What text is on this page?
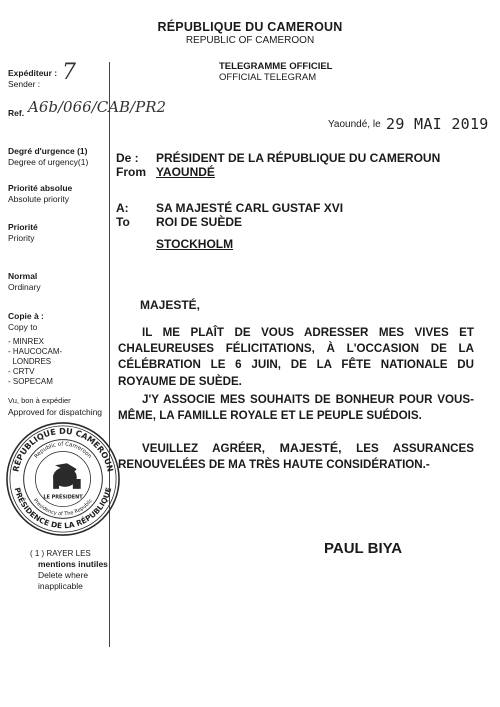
RÉPUBLIQUE DU CAMEROUN
REPUBLIC OF CAMEROON
TELEGRAMME OFFICIEL
OFFICIAL TELEGRAM
Expéditeur :
Sender : 7
Ref. A6b/066/CAB/PR2
Degré d'urgence (1)
Degree of urgency(1)
Priorité absolue
Absolute priority
Priorité
Priority
Normal
Ordinary
Copie à :
Copy to
- MINREX
- HAUCOCAM-
LONDRES
- CRTV
- SOPECAM
Vu, bon à expédier
Approved for dispatching
RÉPUBLIQUE DU CAMEROUN
PRÉSIDENCE DE LA RÉPUBLIQUE
Republic of Cameroon
Presidency of The Republic
LE PRÉSIDENT
( 1 ) RAYER LES
mentions inutiles
Delete where
inapplicable
Yaoundé, le 29 MAI 2019
De :
From
PRÉSIDENT DE LA RÉPUBLIQUE DU CAMEROUN
YAOUNDÉ
A:
To
SA MAJESTÉ CARL GUSTAF XVI
ROI DE SUÈDE
STOCKHOLM
MAJESTÉ,
IL ME PLAÎT DE VOUS ADRESSER MES VIVES ET CHALEUREUSES FÉLICITATIONS, À L'OCCASION DE LA CÉLÉBRATION LE 6 JUIN, DE LA FÊTE NATIONALE DU ROYAUME DE SUÈDE.
J'Y ASSOCIE MES SOUHAITS DE BONHEUR POUR VOUS-MÊME, LA FAMILLE ROYALE ET LE PEUPLE SUÉDOIS.
VEUILLEZ AGRÉER, MAJESTÉ, LES ASSURANCES RENOUVELÉES DE MA TRÈS HAUTE CONSIDÉRATION.-
PAUL BIYA
